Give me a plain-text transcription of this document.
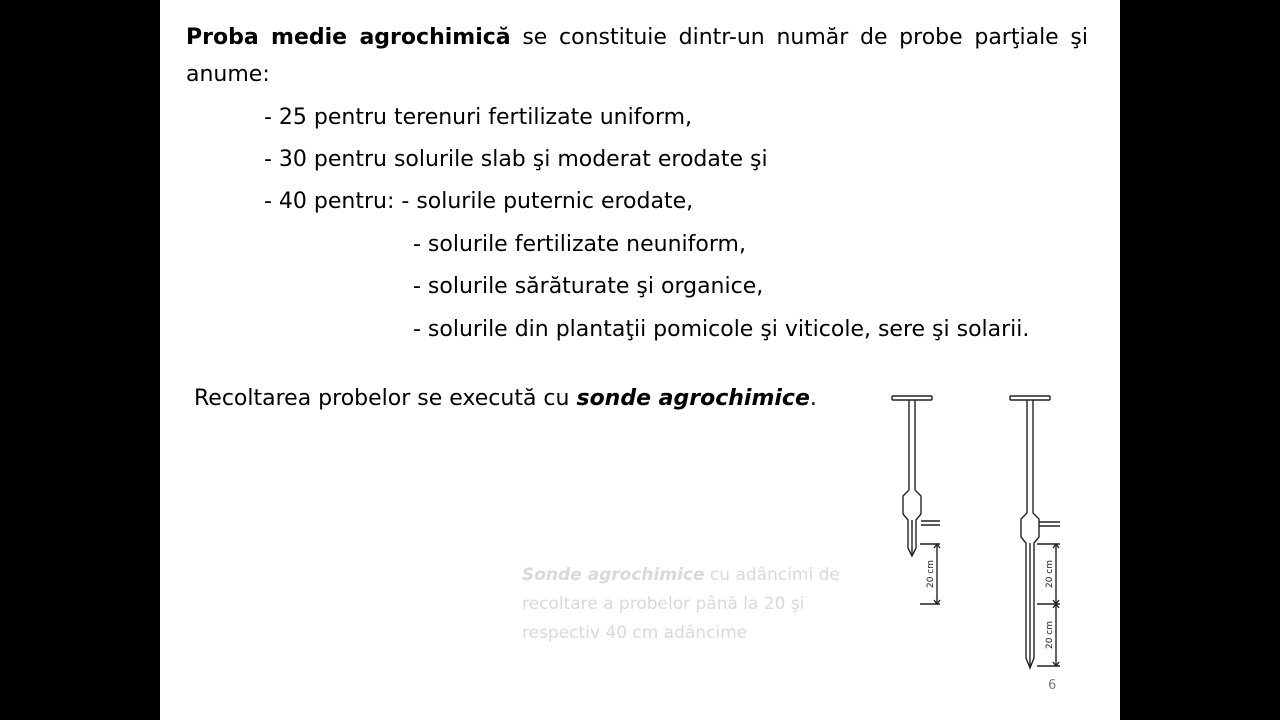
Proba medie agrochimică se constituie dintr-un număr de probe parţiale şi anume:
- 25 pentru terenuri fertilizate uniform,
- 30 pentru solurile slab şi moderat erodate şi
- 40 pentru: - solurile puternic erodate,
- solurile fertilizate neuniform,
- solurile sărăturate şi organice,
- solurile din plantaţii pomicole şi viticole, sere şi solarii.
Recoltarea probelor se execută cu sonde agrochimice.
Sonde agrochimice cu adâncimi de recoltare a probelor până la 20 şi respectiv 40 cm adâncime
20 cm	20 cm
20 cm
6
